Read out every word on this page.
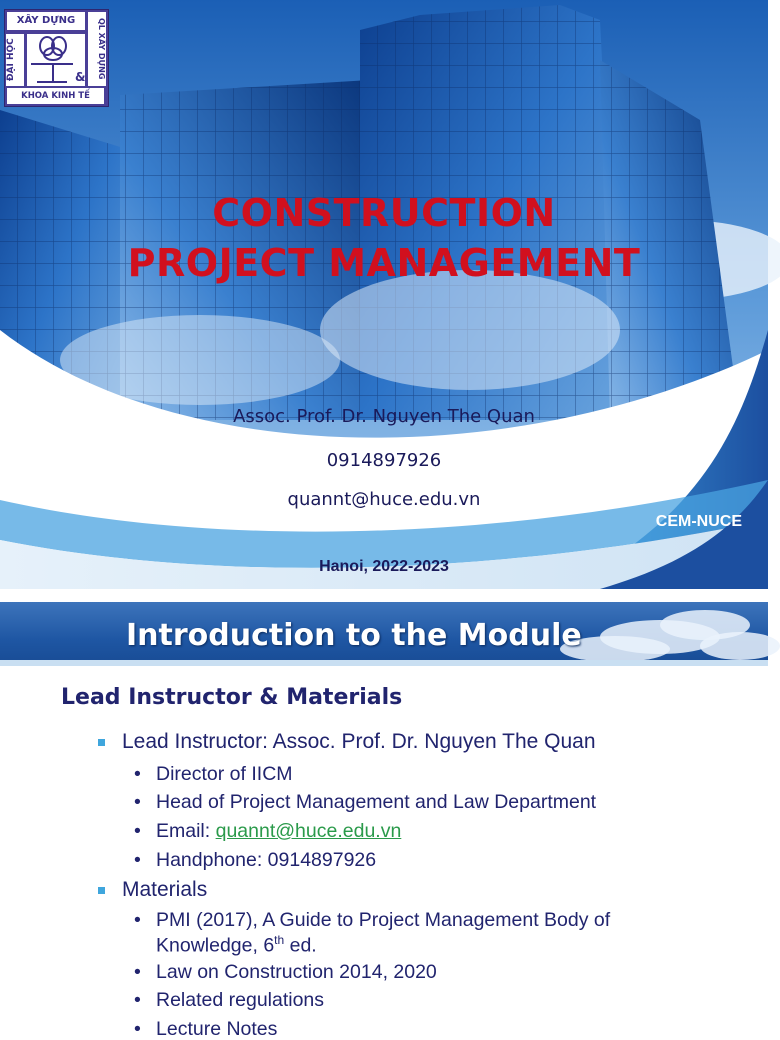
XÂY DỰNG
ĐẠI HỌC	&	QL XÂY DỰNG
KHOA KINH TẾ
CONSTRUCTION
PROJECT MANAGEMENT
Assoc. Prof. Dr. Nguyen The Quan
0914897926
quannt@huce.edu.vn
CEM-NUCE
Hanoi, 2022-2023
Introduction to the Module
Lead Instructor & Materials
Lead Instructor: Assoc. Prof. Dr. Nguyen The Quan
• Director of IICM
• Head of Project Management and Law Department
• Email: quannt@huce.edu.vn
• Handphone: 0914897926
Materials
• PMI (2017), A Guide to Project Management Body of
Knowledge, 6th ed.
• Law on Construction 2014, 2020
• Related regulations
• Lecture Notes
